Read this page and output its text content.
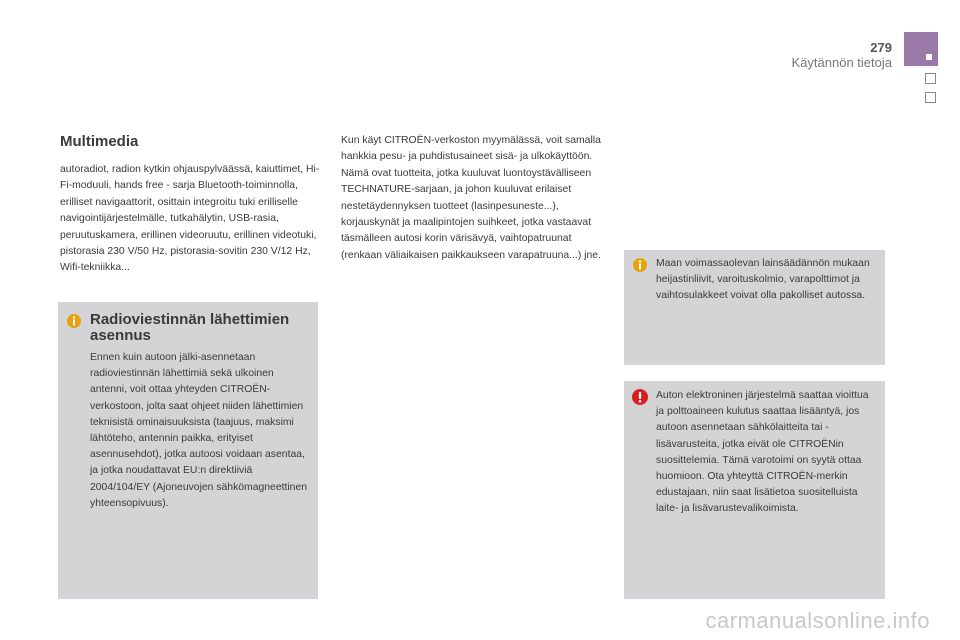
279
Käytännön tietoja
Multimedia
autoradiot, radion kytkin ohjauspylväässä, kaiuttimet, Hi-Fi-moduuli, hands free - sarja Bluetooth-toiminnolla, erilliset navigaattorit, osittain integroitu tuki erilliselle navigointijärjestelmälle, tutkahälytin, USB-rasia, peruutuskamera, erillinen videoruutu, erillinen videotuki, pistorasia 230 V/50 Hz, pistorasia-sovitin 230 V/12 Hz, Wifi-tekniikka...
Radioviestinnän lähettimien asennus
Ennen kuin autoon jälki-asennetaan radioviestinnän lähettimiä sekä ulkoinen antenni, voit ottaa yhteyden CITROËN-verkostoon, jolta saat ohjeet niiden lähettimien teknisistä ominaisuuksista (taajuus, maksimi lähtöteho, antennin paikka, erityiset asennusehdot), jotka autoosi voidaan asentaa, ja jotka noudattavat EU:n direktiiviä 2004/104/EY (Ajoneuvojen sähkömagneettinen yhteensopivuus).
Kun käyt CITROËN-verkoston myymälässä, voit samalla hankkia pesu- ja puhdistusaineet sisä- ja ulkokäyttöön. Nämä ovat tuotteita, jotka kuuluvat luontoystävälliseen TECHNATURE-sarjaan, ja johon kuuluvat erilaiset nestetäydennyksen tuotteet (lasinpesuneste...), korjauskynät ja maalipintojen suihkeet, jotka vastaavat täsmälleen autosi korin värisävyä, vaihtopatruunat (renkaan väliaikaisen paikkaukseen varapatruuna...) jne.
Maan voimassaolevan lainsäädännön mukaan heijastinliivit, varoituskolmio, varapolttimot ja vaihtosulakkeet voivat olla pakolliset autossa.
Auton elektroninen järjestelmä saattaa vioittua ja polttoaineen kulutus saattaa lisääntyä, jos autoon asennetaan sähkölaitteita tai -lisävarusteita, jotka eivät ole CITROËNin suosittelemia. Tämä varotoimi on syytä ottaa huomioon. Ota yhteyttä CITROËN-merkin edustajaan, niin saat lisätietoa suositelluista laite- ja lisävarustevalikoimista.
carmanualsonline.info
